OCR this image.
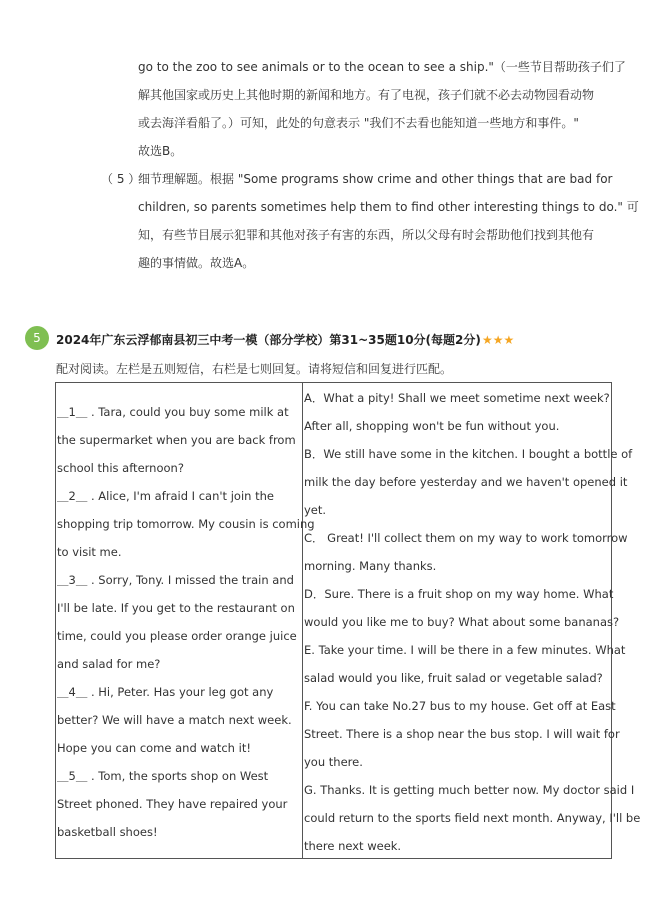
go to the zoo to see animals or to the ocean to see a ship."（一些节目帮助孩子们了
解其他国家或历史上其他时期的新闻和地方。有了电视，孩子们就不必去动物园看动物
或去海洋看船了。）可知，此处的句意表示 "我们不去看也能知道一些地方和事件。"
故选B。
（ 5 ）
细节理解题。根据 "Some programs show crime and other things that are bad for
children, so parents sometimes help them to find other interesting things to do." 可
知，有些节目展示犯罪和其他对孩子有害的东西，所以父母有时会帮助他们找到其他有
趣的事情做。故选A。
5	2024年广东云浮郁南县初三中考一模（部分学校）第31~35题10分(每题2分) ★★★
配对阅读。左栏是五则短信，右栏是七则回复。请将短信和回复进行匹配。
＿1＿ . Tara, could you buy some milk at
the supermarket when you are back from
school this afternoon?
＿2＿ . Alice, I'm afraid I can't join the
shopping trip tomorrow. My cousin is coming
to visit me.
＿3＿ . Sorry, Tony. I missed the train and
I'll be late. If you get to the restaurant on
time, could you please order orange juice
and salad for me?
＿4＿ . Hi, Peter. Has your leg got any
better? We will have a match next week.
Hope you can come and watch it!
＿5＿ . Tom, the sports shop on West
Street phoned. They have repaired your
basketball shoes!
A．What a pity! Shall we meet sometime next week?
After all, shopping won't be fun without you.
B．We still have some in the kitchen. I bought a bottle of
milk the day before yesterday and we haven't opened it
yet.
C． Great! I'll collect them on my way to work tomorrow
morning. Many thanks.
D．Sure. There is a fruit shop on my way home. What
would you like me to buy? What about some bananas?
E. Take your time. I will be there in a few minutes. What
salad would you like, fruit salad or vegetable salad?
F. You can take No.27 bus to my house. Get off at East
Street. There is a shop near the bus stop. I will wait for
you there.
G. Thanks. It is getting much better now. My doctor said I
could return to the sports field next month. Anyway, I'll be
there next week.
